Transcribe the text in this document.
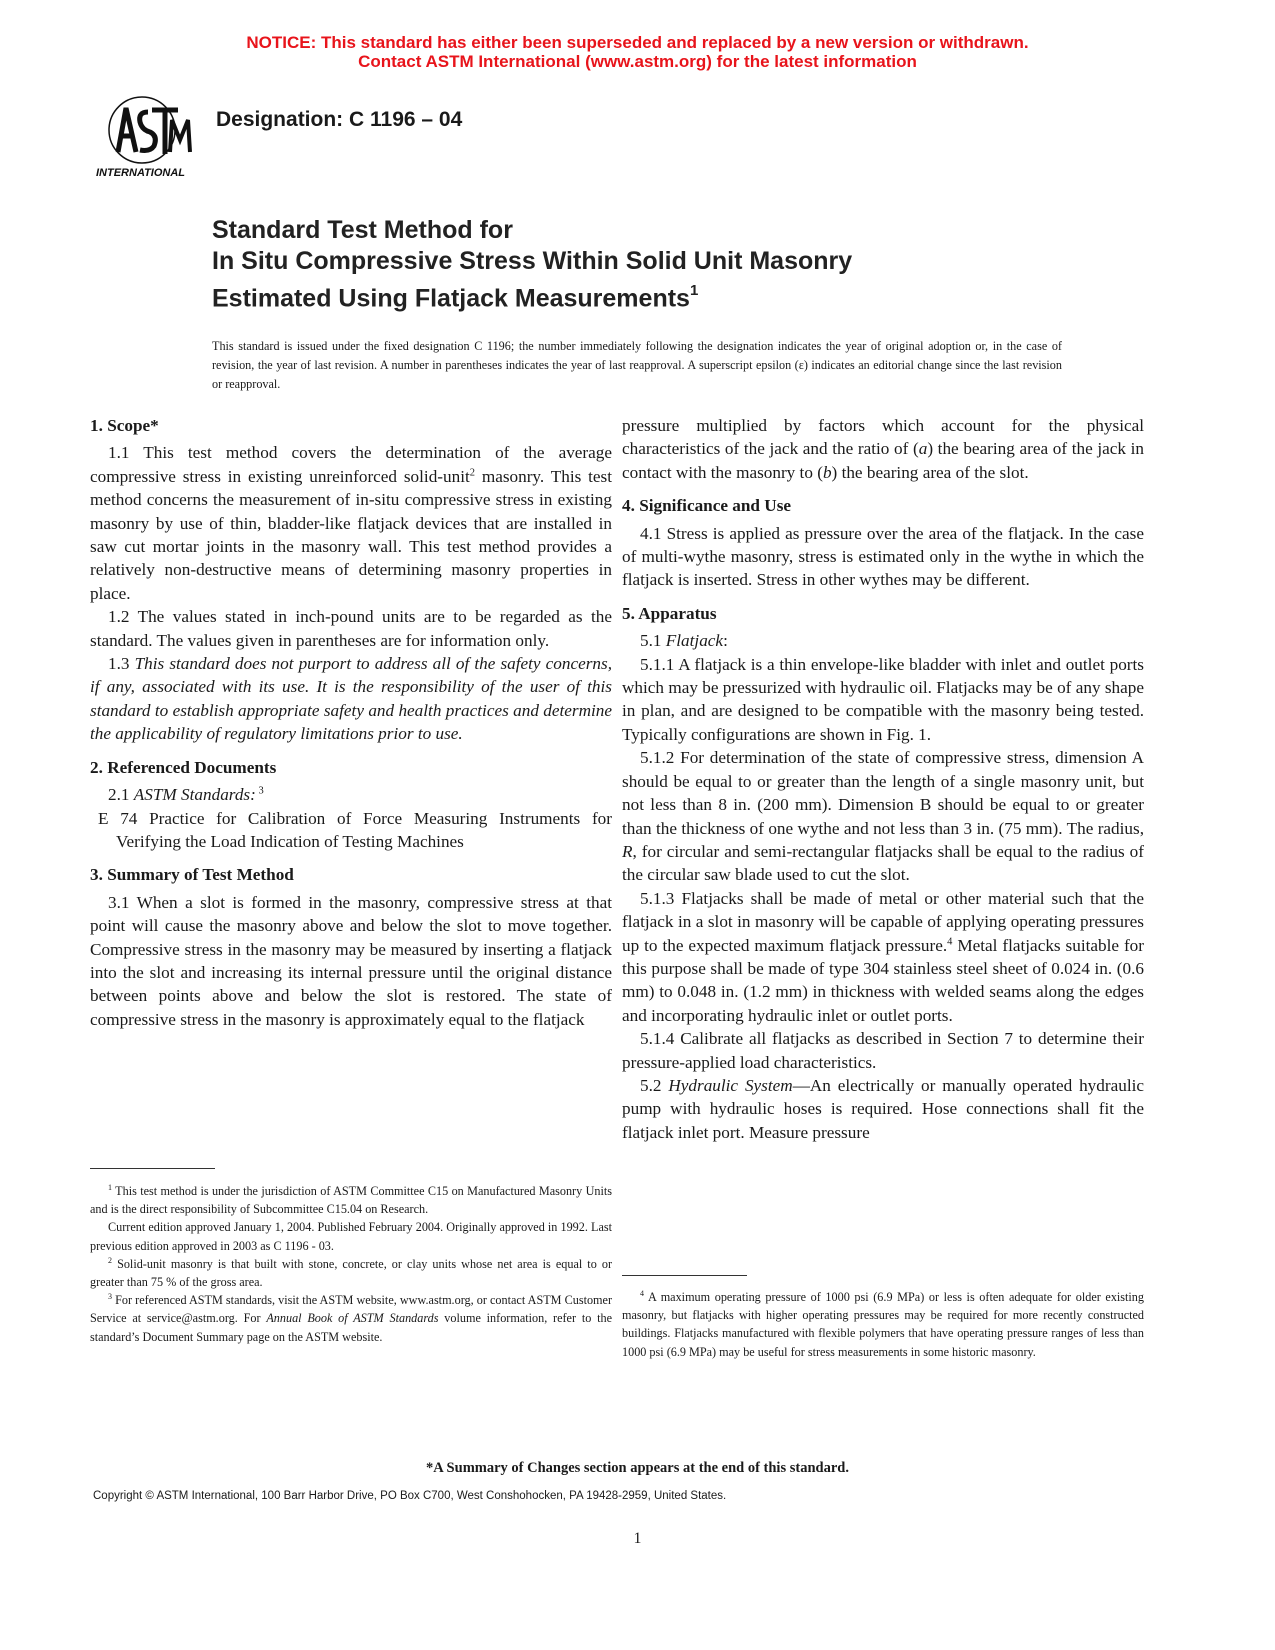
NOTICE: This standard has either been superseded and replaced by a new version or withdrawn.
Contact ASTM International (www.astm.org) for the latest information
INTERNATIONAL
Designation: C 1196 – 04
Standard Test Method for
In Situ Compressive Stress Within Solid Unit Masonry
Estimated Using Flatjack Measurements$^1$
This standard is issued under the fixed designation C 1196; the number immediately following the designation indicates the year of original adoption or, in the case of revision, the year of last revision. A number in parentheses indicates the year of last reapproval. A superscript epsilon (ε) indicates an editorial change since the last revision or reapproval.

1. Scope*

1.1 This test method covers the determination of the average compressive stress in existing unreinforced solid-unit$^2$ masonry. This test method concerns the measurement of in-situ compressive stress in existing masonry by use of thin, bladder-like flatjack devices that are installed in saw cut mortar joints in the masonry wall. This test method provides a relatively non-destructive means of determining masonry properties in place.

1.2 The values stated in inch-pound units are to be regarded as the standard. The values given in parentheses are for information only.

1.3 This standard does not purport to address all of the safety concerns, if any, associated with its use. It is the responsibility of the user of this standard to establish appropriate safety and health practices and determine the applicability of regulatory limitations prior to use.

2. Referenced Documents

2.1 ASTM Standards: $^3$

E 74 Practice for Calibration of Force Measuring Instruments for Verifying the Load Indication of Testing Machines

3. Summary of Test Method

3.1 When a slot is formed in the masonry, compressive stress at that point will cause the masonry above and below the slot to move together. Compressive stress in the masonry may be measured by inserting a flatjack into the slot and increasing its internal pressure until the original distance between points above and below the slot is restored. The state of compressive stress in the masonry is approximately equal to the flatjack

$^1$ This test method is under the jurisdiction of ASTM Committee C15 on Manufactured Masonry Units and is the direct responsibility of Subcommittee C15.04 on Research.

Current edition approved January 1, 2004. Published February 2004. Originally approved in 1992. Last previous edition approved in 2003 as C 1196 - 03.

$^2$ Solid-unit masonry is that built with stone, concrete, or clay units whose net area is equal to or greater than 75 % of the gross area.

$^3$ For referenced ASTM standards, visit the ASTM website, www.astm.org, or contact ASTM Customer Service at service@astm.org. For Annual Book of ASTM Standards volume information, refer to the standard’s Document Summary page on the ASTM website.

pressure multiplied by factors which account for the physical characteristics of the jack and the ratio of (a) the bearing area of the jack in contact with the masonry to (b) the bearing area of the slot.

4. Significance and Use

4.1 Stress is applied as pressure over the area of the flatjack. In the case of multi-wythe masonry, stress is estimated only in the wythe in which the flatjack is inserted. Stress in other wythes may be different.

5. Apparatus

5.1 Flatjack:

5.1.1 A flatjack is a thin envelope-like bladder with inlet and outlet ports which may be pressurized with hydraulic oil. Flatjacks may be of any shape in plan, and are designed to be compatible with the masonry being tested. Typically configurations are shown in Fig. 1.

5.1.2 For determination of the state of compressive stress, dimension A should be equal to or greater than the length of a single masonry unit, but not less than 8 in. (200 mm). Dimension B should be equal to or greater than the thickness of one wythe and not less than 3 in. (75 mm). The radius, R, for circular and semi-rectangular flatjacks shall be equal to the radius of the circular saw blade used to cut the slot.

5.1.3 Flatjacks shall be made of metal or other material such that the flatjack in a slot in masonry will be capable of applying operating pressures up to the expected maximum flatjack pressure.$^4$ Metal flatjacks suitable for this purpose shall be made of type 304 stainless steel sheet of 0.024 in. (0.6 mm) to 0.048 in. (1.2 mm) in thickness with welded seams along the edges and incorporating hydraulic inlet or outlet ports.

5.1.4 Calibrate all flatjacks as described in Section 7 to determine their pressure-applied load characteristics.

5.2 Hydraulic System—An electrically or manually operated hydraulic pump with hydraulic hoses is required. Hose connections shall fit the flatjack inlet port. Measure pressure

$^4$ A maximum operating pressure of 1000 psi (6.9 MPa) or less is often adequate for older existing masonry, but flatjacks with higher operating pressures may be required for more recently constructed buildings. Flatjacks manufactured with flexible polymers that have operating pressure ranges of less than 1000 psi (6.9 MPa) may be useful for stress measurements in some historic masonry.

*A Summary of Changes section appears at the end of this standard.
Copyright © ASTM International, 100 Barr Harbor Drive, PO Box C700, West Conshohocken, PA 19428-2959, United States.
1
